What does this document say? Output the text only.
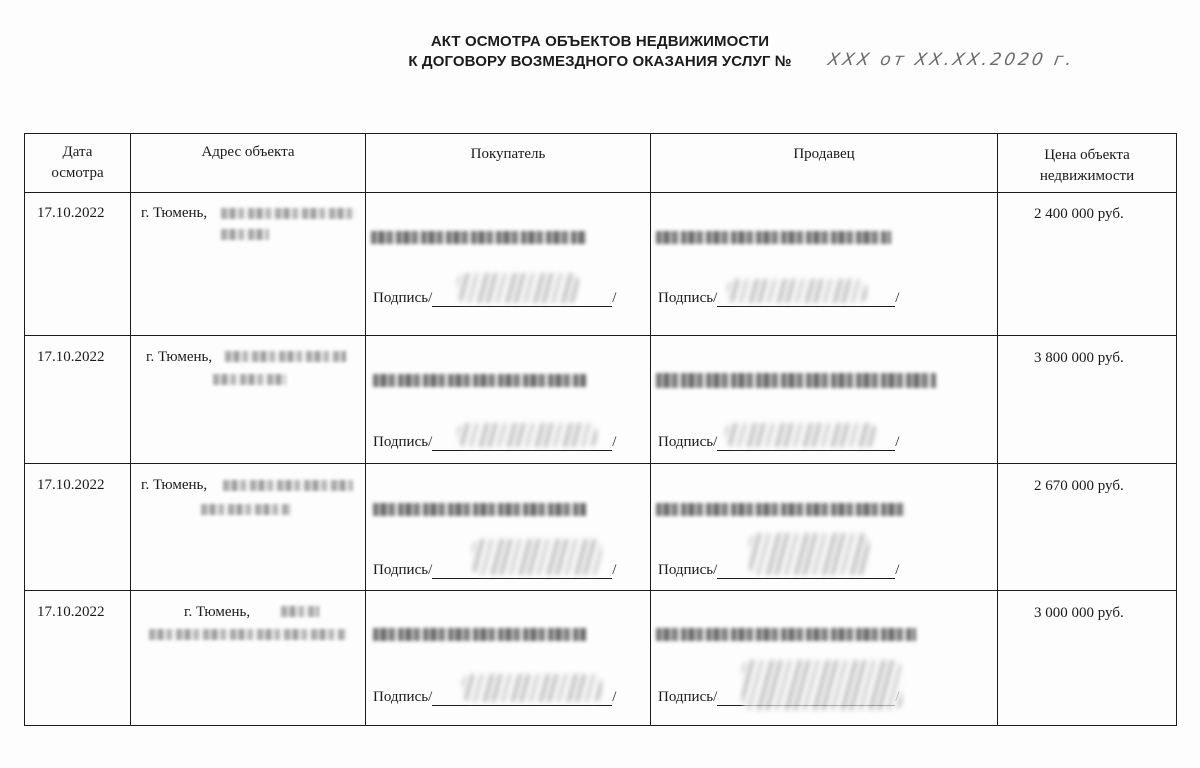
АКТ ОСМОТРА ОБЪЕКТОВ НЕДВИЖИМОСТИ
К ДОГОВОРУ ВОЗМЕЗДНОГО ОКАЗАНИЯ УСЛУГ №	ХХХ от ХХ.ХХ.2020 г.
Дата
осмотра	Адрес объекта	Покупатель	Продавец	Цена объекта
недвижимости

17.10.2022	г. Тюмень,	Подпись/ /	Подпись/ /	2 400 000 руб.

17.10.2022	г. Тюмень,	Подпись/ /	Подпись/ /	3 800 000 руб.

17.10.2022	г. Тюмень,	Подпись/ /	Подпись/ /	2 670 000 руб.

17.10.2022	г. Тюмень,	Подпись/ /	Подпись/	3 000 000 руб.
